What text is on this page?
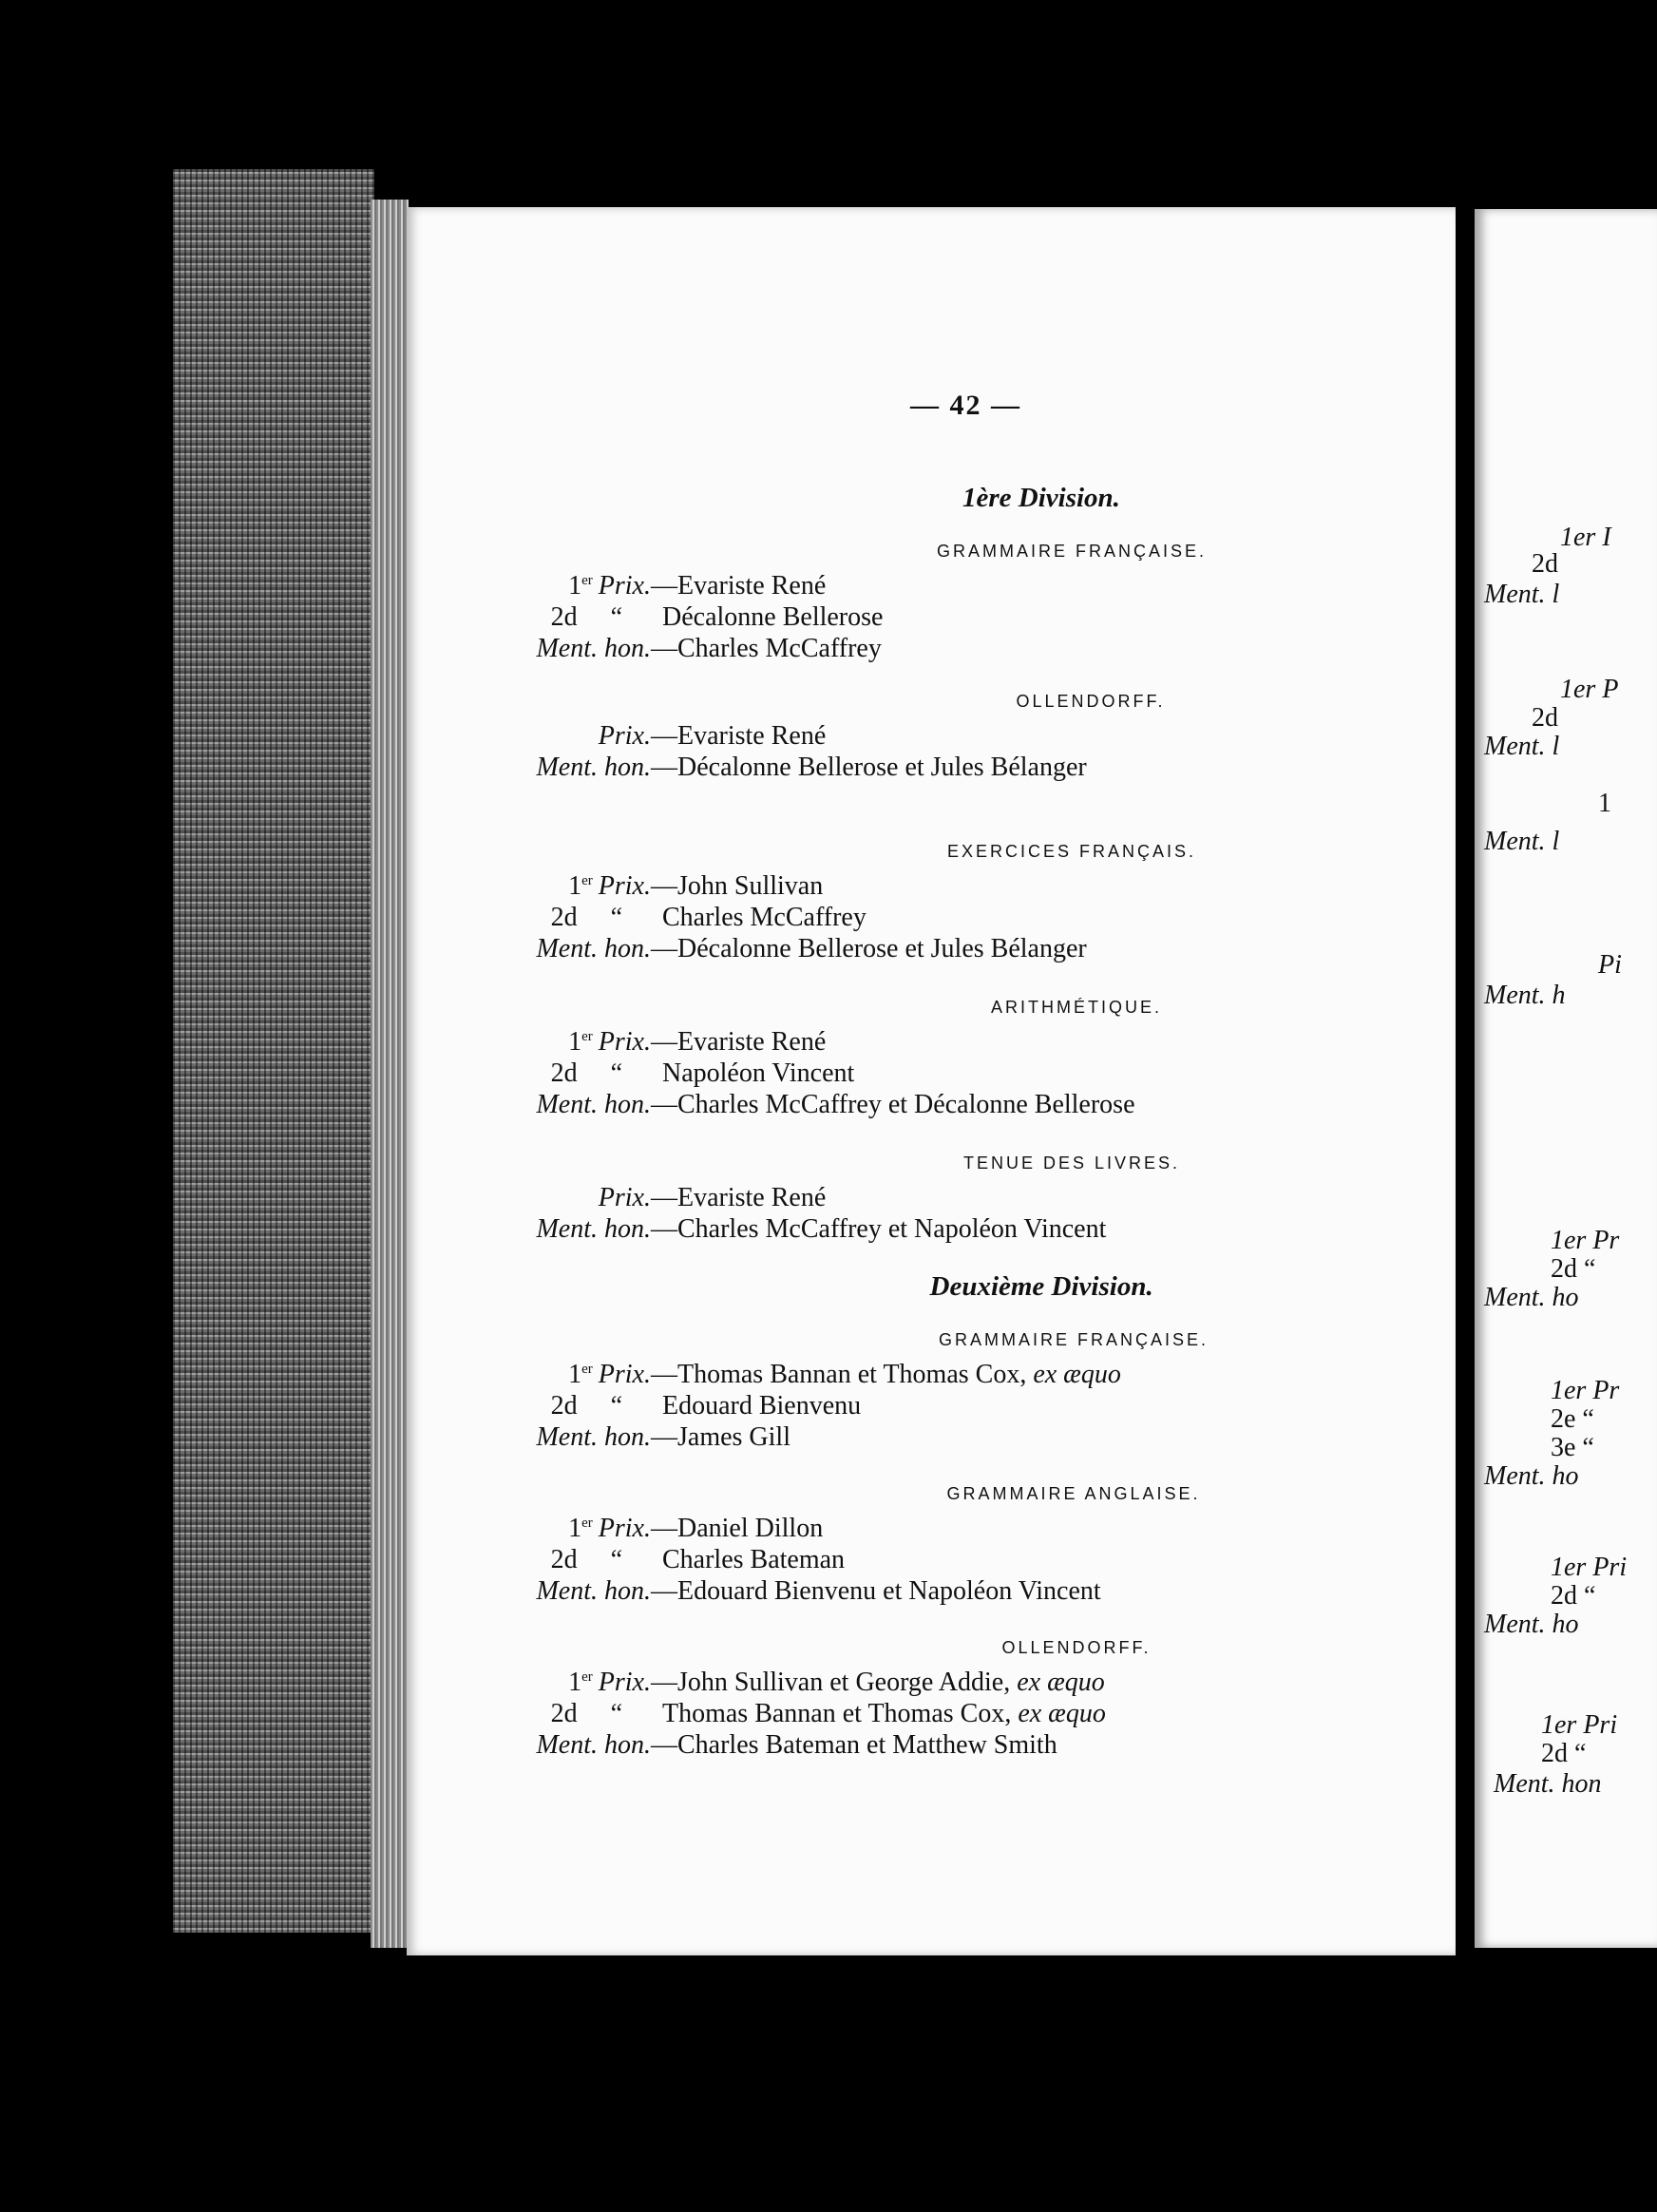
— 42 —
1ère Division.
GRAMMAIRE FRANÇAISE.
1er Prix. —Evariste René
2d “	Décalonne Bellerose
Ment. hon. —Charles McCaffrey
OLLENDORFF.
Prix. —Evariste René
Ment. hon. —Décalonne Bellerose et Jules Bélanger
EXERCICES FRANÇAIS.
1er Prix. —John Sullivan
2d “	Charles McCaffrey
Ment. hon. —Décalonne Bellerose et Jules Bélanger
ARITHMÉTIQUE.
1er Prix. —Evariste René
2d “	Napoléon Vincent
Ment. hon. —Charles McCaffrey et Décalonne Bellerose
TENUE DES LIVRES.
Prix. —Evariste René
Ment. hon. —Charles McCaffrey et Napoléon Vincent
Deuxième Division.
GRAMMAIRE FRANÇAISE.
1er Prix. —Thomas Bannan et Thomas Cox, ex æquo
2d “	Edouard Bienvenu
Ment. hon. —James Gill
GRAMMAIRE ANGLAISE.
1er Prix. —Daniel Dillon
2d “	Charles Bateman
Ment. hon. —Edouard Bienvenu et Napoléon Vincent
OLLENDORFF.
1er Prix. —John Sullivan et George Addie, ex æquo
2d “	Thomas Bannan et Thomas Cox, ex æquo
Ment. hon. —Charles Bateman et Matthew Smith
1er I
2d
Ment. l
1er P
2d
Ment. l
1
Ment. l
Pi
Ment. h
1er Pr
2d “
Ment. ho
1er Pr
2e “
3e “
Ment. ho
1er Pri
2d “
Ment. ho
1er Pri
2d “
Ment. hon
